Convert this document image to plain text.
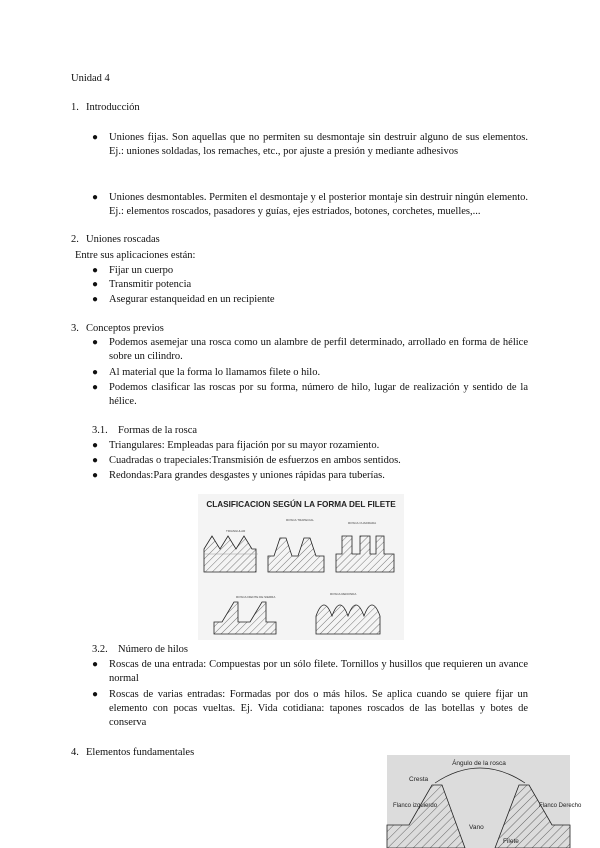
Unidad 4
1. Introducción
● Uniones fijas. Son aquellas que no permiten su desmontaje sin destruir alguno de sus elementos. Ej.: uniones soldadas, los remaches, etc., por ajuste a presión y mediante adhesivos
● Uniones desmontables. Permiten el desmontaje y el posterior montaje sin destruir ningún elemento. Ej.: elementos roscados, pasadores y guías, ejes estriados, botones, corchetes, muelles,...
2. Uniones roscadas
Entre sus aplicaciones están:
● Fijar un cuerpo
● Transmitir potencia
● Asegurar estanqueidad en un recipiente
3. Conceptos previos
● Podemos asemejar una rosca como un alambre de perfil determinado, arrollado en forma de hélice sobre un cilindro.
● Al material que la forma lo llamamos filete o hilo.
● Podemos clasificar las roscas por su forma, número de hilo, lugar de realización y sentido de la hélice.
3.1. Formas de la rosca
● Triangulares: Empleadas para fijación por su mayor rozamiento.
● Cuadradas o trapeciales:Transmisión de esfuerzos en ambos sentidos.
● Redondas:Para grandes desgastes y uniones rápidas para tuberías.
CLASIFICACION SEGÚN LA FORMA DEL FILETE
TRIANGULAR
ROSCA TRAPECIAL
ROSCA CUADRADA
ROSCA DIENTE DE SIERRA
ROSCA REDONDA
3.2. Número de hilos
● Roscas de una entrada: Compuestas por un sólo filete. Tornillos y husillos que requieren un avance normal
● Roscas de varias entradas: Formadas por dos o más hilos. Se aplica cuando se quiere fijar un elemento con pocas vueltas. Ej. Vida cotidiana: tapones roscados de las botellas y botes de conserva
4. Elementos fundamentales
Ángulo de la rosca
Cresta
Flanco izquierdo	Flanco Derecho
Vano
Filete
